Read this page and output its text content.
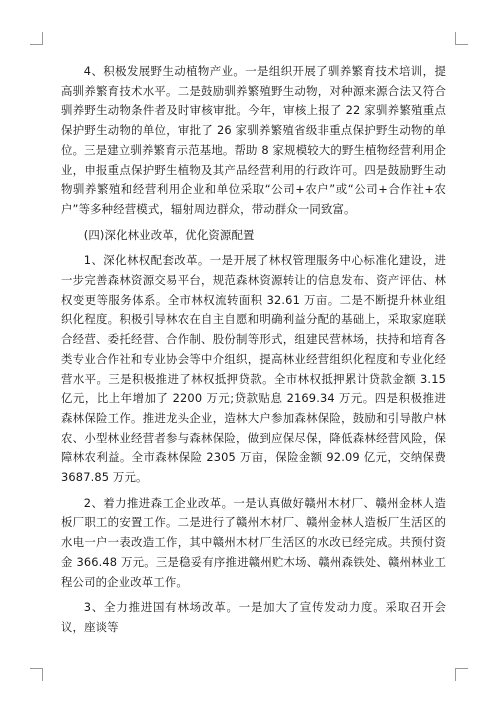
4、积极发展野生动植物产业。一是组织开展了驯养繁育技术培训，提高驯养繁育技术水平。二是鼓励驯养繁殖野生动物，对种源来源合法又符合驯养野生动物条件者及时审核审批。今年，审核上报了 22 家驯养繁殖重点保护野生动物的单位，审批了 26 家驯养繁殖省级非重点保护野生动物的单位。三是建立驯养繁育示范基地。帮助 8 家规模较大的野生植物经营利用企业，申报重点保护野生植物及其产品经营利用的行政许可。四是鼓励野生动物驯养繁殖和经营利用企业和单位采取“公司+农户”或“公司+合作社+农户”等多种经营模式，辐射周边群众，带动群众一同致富。

(四)深化林业改革，优化资源配置

1、深化林权配套改革。一是开展了林权管理服务中心标准化建设，进一步完善森林资源交易平台，规范森林资源转让的信息发布、资产评估、林权变更等服务体系。全市林权流转面积 32.61 万亩。二是不断提升林业组织化程度。积极引导林农在自主自愿和明确利益分配的基础上，采取家庭联合经营、委托经营、合作制、股份制等形式，组建民营林场，扶持和培育各类专业合作社和专业协会等中介组织，提高林业经营组织化程度和专业化经营水平。三是积极推进了林权抵押贷款。全市林权抵押累计贷款金额 3.15 亿元，比上年增加了 2200 万元;贷款贴息 2169.34 万元。四是积极推进森林保险工作。推进龙头企业，造林大户参加森林保险，鼓励和引导散户林农、小型林业经营者参与森林保险，做到应保尽保，降低森林经营风险，保障林农利益。全市森林保险 2305 万亩，保险金额 92.09 亿元，交纳保费 3687.85 万元。

2、着力推进森工企业改革。一是认真做好赣州木材厂、赣州金林人造板厂职工的安置工作。二是进行了赣州木材厂、赣州金林人造板厂生活区的水电一户一表改造工作，其中赣州木材厂生活区的水改已经完成。共预付资金 366.48 万元。三是稳妥有序推进赣州贮木场、赣州森铁处、赣州林业工程公司的企业改革工作。

3、全力推进国有林场改革。一是加大了宣传发动力度。采取召开会议，座谈等
